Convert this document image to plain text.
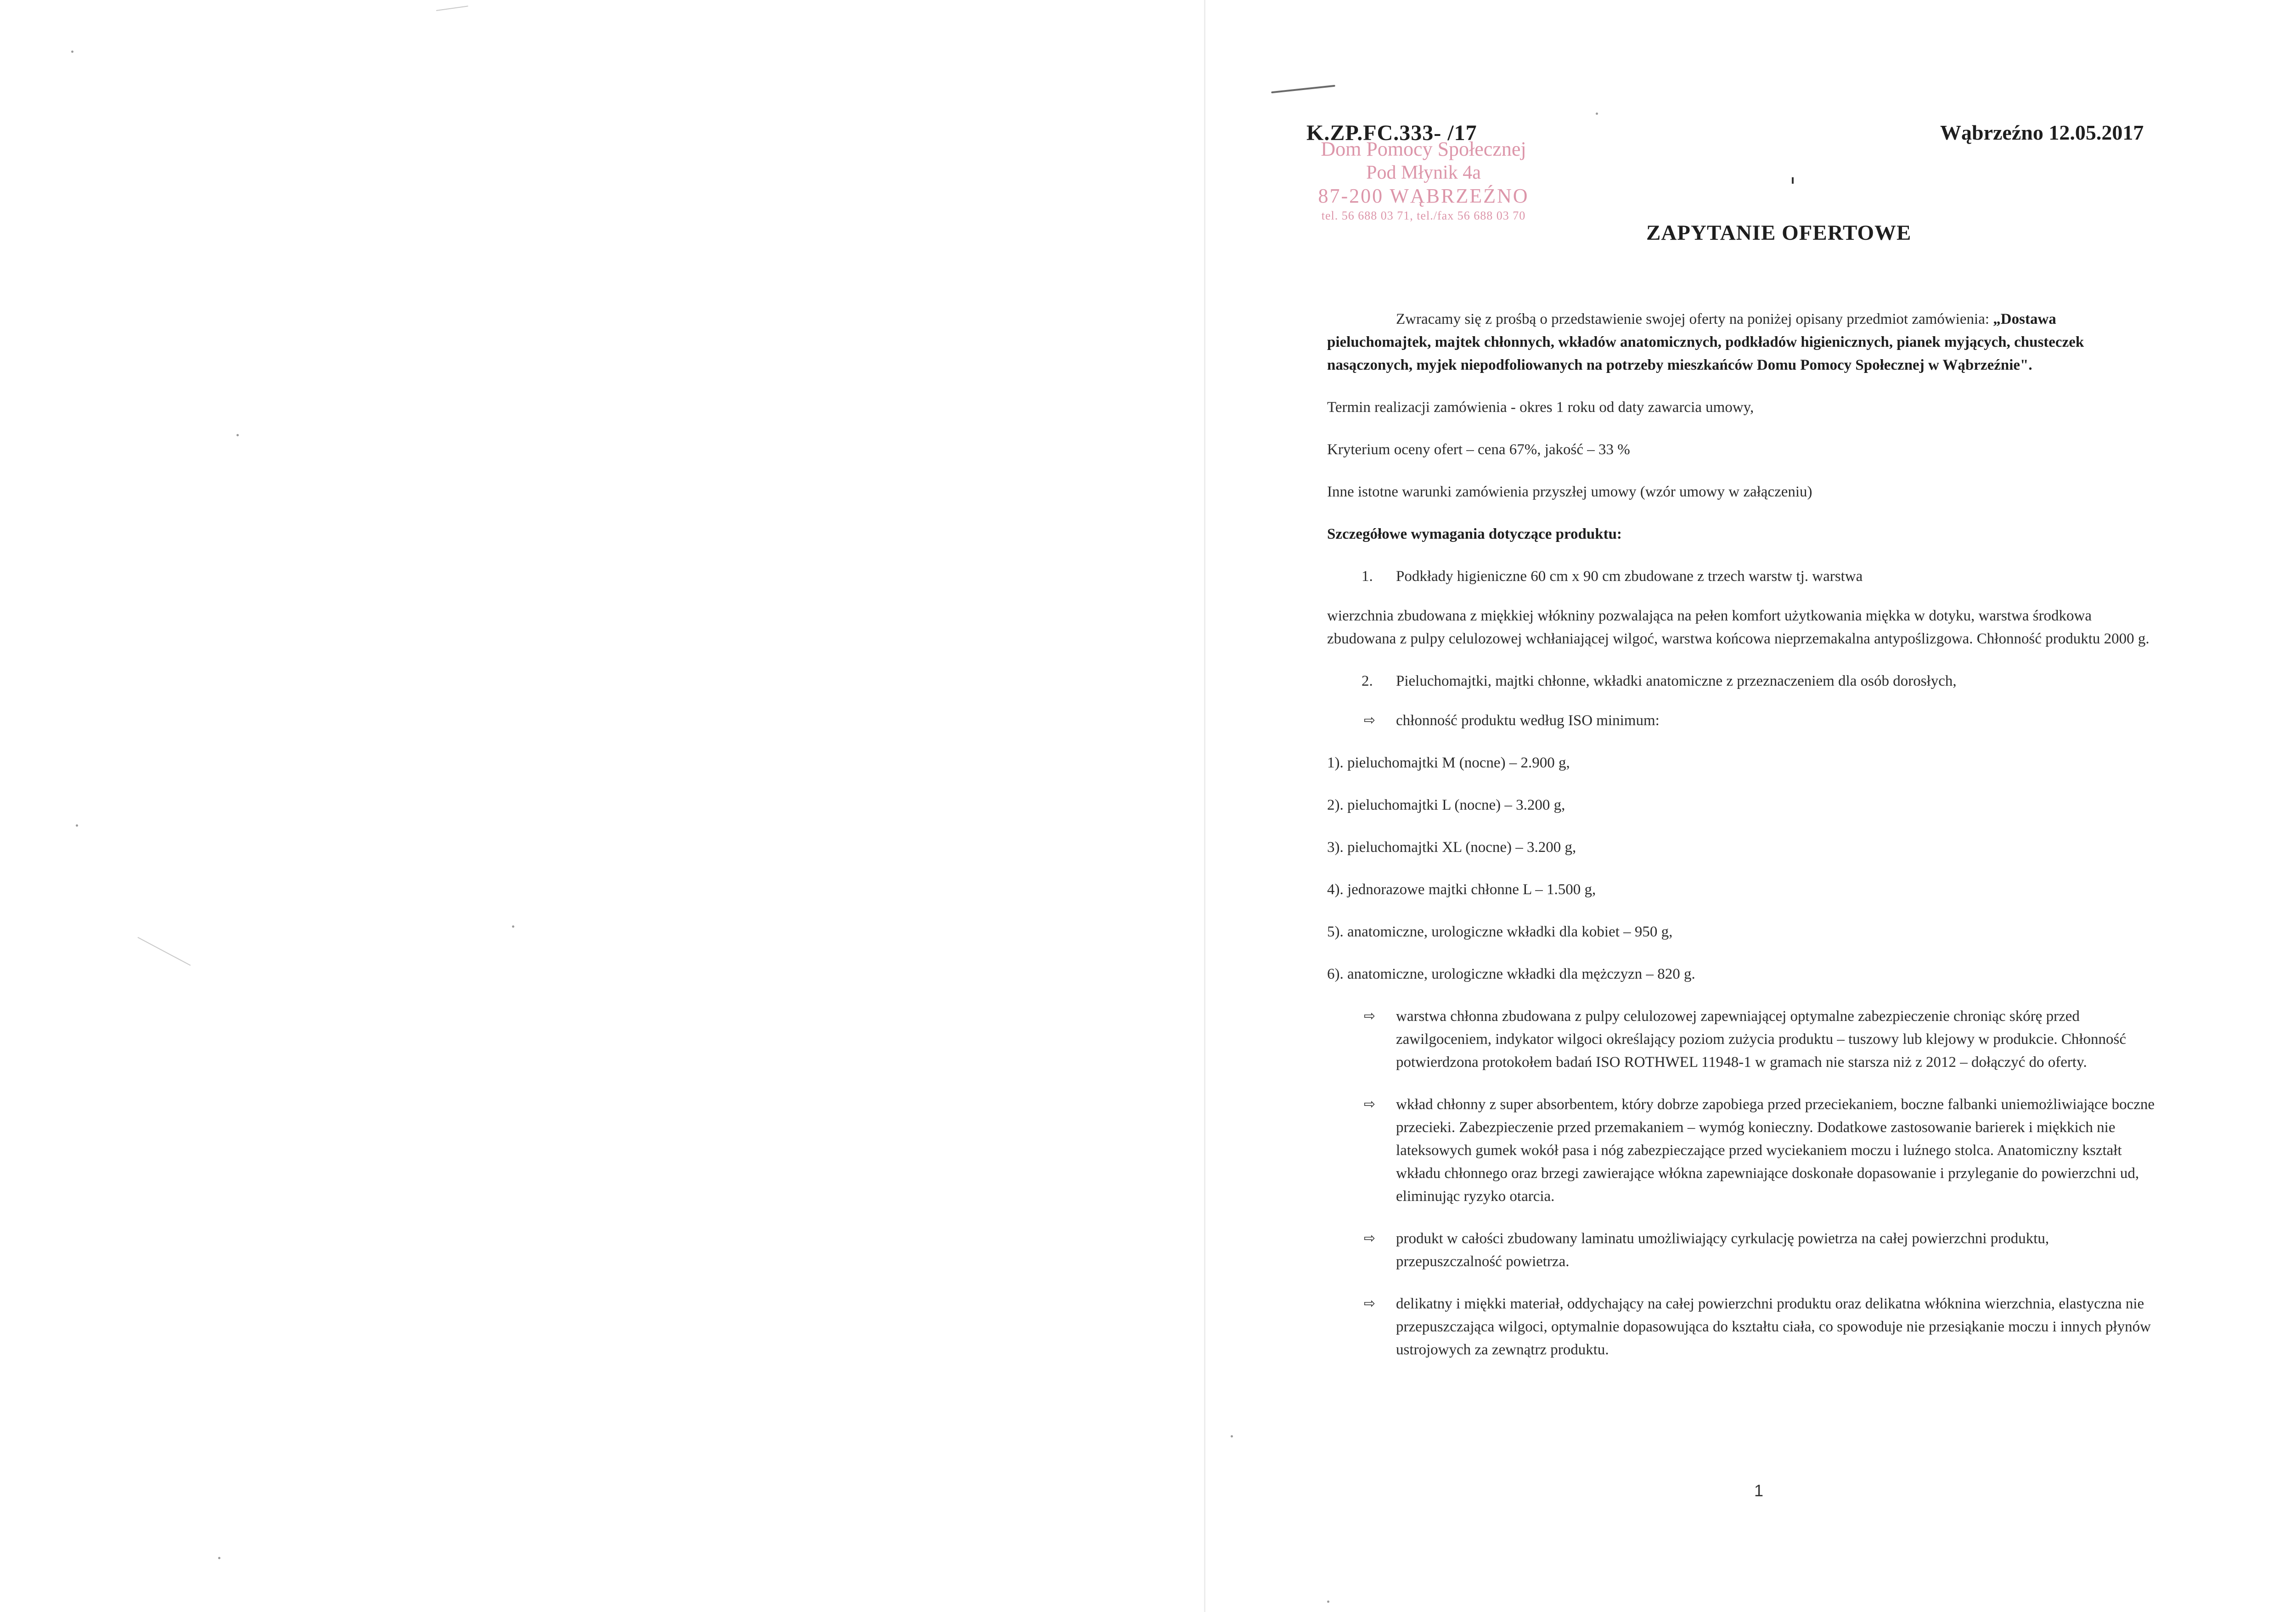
Dom Pomocy Społecznej
Pod Młynik 4a
87-200 WĄBRZEŹNO
tel. 56 688 03 71, tel./fax 56 688 03 70
K.ZP.FC.333- /17	Wąbrzeźno 12.05.2017
ZAPYTANIE OFERTOWE

Zwracamy się z prośbą o przedstawienie swojej oferty na poniżej opisany przedmiot zamówienia: „Dostawa pieluchomajtek, majtek chłonnych, wkładów anatomicznych, podkładów higienicznych, pianek myjących, chusteczek nasączonych, myjek niepodfoliowanych na potrzeby mieszkańców Domu Pomocy Społecznej w Wąbrzeźnie".

Termin realizacji zamówienia - okres 1 roku od daty zawarcia umowy,

Kryterium oceny ofert – cena 67%, jakość – 33 %

Inne istotne warunki zamówienia przyszłej umowy (wzór umowy w załączeniu)

Szczegółowe wymagania dotyczące produktu:

1.	Podkłady higieniczne 60 cm x 90 cm zbudowane z trzech warstw tj. warstwa

wierzchnia zbudowana z miękkiej włókniny pozwalająca na pełen komfort użytkowania miękka w dotyku, warstwa środkowa zbudowana z pulpy celulozowej wchłaniającej wilgoć, warstwa końcowa nieprzemakalna antypoślizgowa. Chłonność produktu 2000 g.

2.	Pieluchomajtki, majtki chłonne, wkładki anatomiczne z przeznaczeniem dla osób dorosłych,
⇨	chłonność produktu według ISO minimum:

1). pieluchomajtki M (nocne) – 2.900 g,

2). pieluchomajtki L (nocne) – 3.200 g,

3). pieluchomajtki XL (nocne) – 3.200 g,

4). jednorazowe majtki chłonne L – 1.500 g,

5). anatomiczne, urologiczne wkładki dla kobiet – 950 g,

6). anatomiczne, urologiczne wkładki dla mężczyzn – 820 g.

⇨	warstwa chłonna zbudowana z pulpy celulozowej zapewniającej optymalne zabezpieczenie chroniąc skórę przed zawilgoceniem, indykator wilgoci określający poziom zużycia produktu – tuszowy lub klejowy w produkcie. Chłonność potwierdzona protokołem badań ISO ROTHWEL 11948-1 w gramach nie starsza niż z 2012 – dołączyć do oferty.
⇨	wkład chłonny z super absorbentem, który dobrze zapobiega przed przeciekaniem, boczne falbanki uniemożliwiające boczne przecieki. Zabezpieczenie przed przemakaniem – wymóg konieczny. Dodatkowe zastosowanie barierek i miękkich nie lateksowych gumek wokół pasa i nóg zabezpieczające przed wyciekaniem moczu i luźnego stolca. Anatomiczny kształt wkładu chłonnego oraz brzegi zawierające włókna zapewniające doskonałe dopasowanie i przyleganie do powierzchni ud, eliminując ryzyko otarcia.
⇨	produkt w całości zbudowany laminatu umożliwiający cyrkulację powietrza na całej powierzchni produktu, przepuszczalność powietrza.
⇨	delikatny i miękki materiał, oddychający na całej powierzchni produktu oraz delikatna włóknina wierzchnia, elastyczna nie przepuszczająca wilgoci, optymalnie dopasowująca do kształtu ciała, co spowoduje nie przesiąkanie moczu i innych płynów ustrojowych za zewnątrz produktu.
1
